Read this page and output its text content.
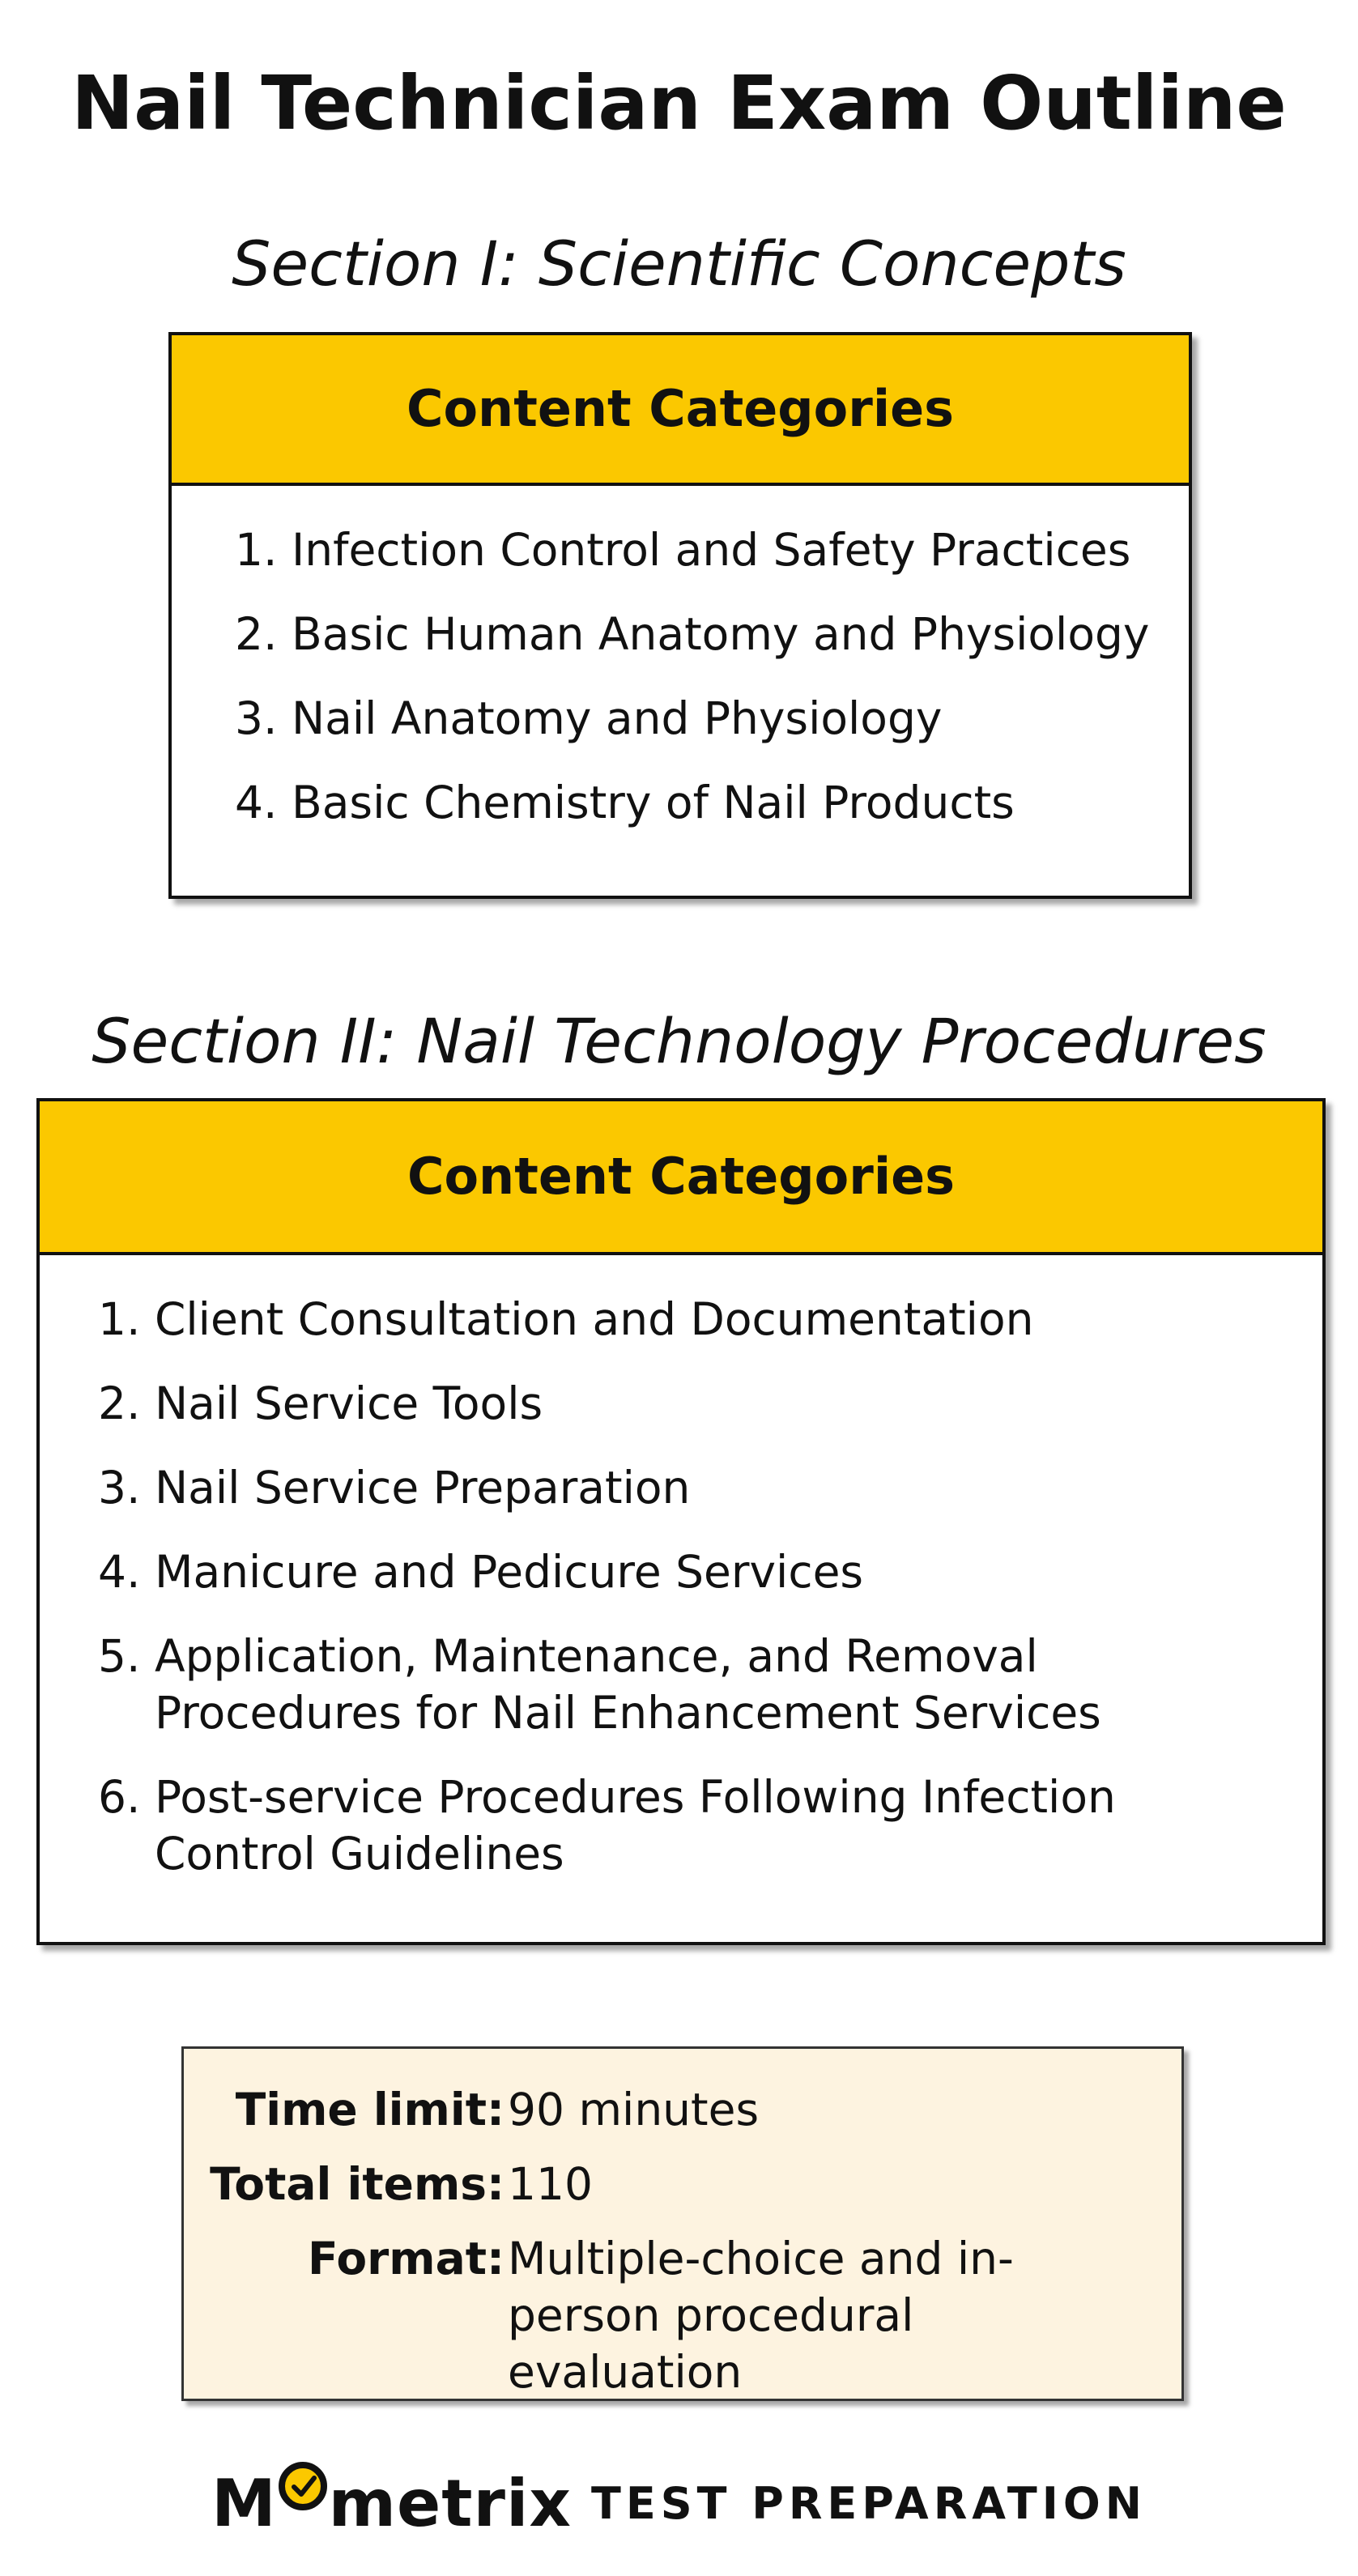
Nail Technician Exam Outline
Section I: Scientific Concepts
Content Categories
1. Infection Control and Safety Practices
2. Basic Human Anatomy and Physiology
3. Nail Anatomy and Physiology
4. Basic Chemistry of Nail Products
Section II: Nail Technology Procedures
Content Categories
1. Client Consultation and Documentation
2. Nail Service Tools
3. Nail Service Preparation
4. Manicure and Pedicure Services
5. Application, Maintenance, and Removal Procedures for Nail Enhancement Services
6. Post-service Procedures Following Infection Control Guidelines
Time limit: 90 minutes
Total items: 110
Format: Multiple-choice and in-person procedural evaluation
M metrix TEST PREPARATION
